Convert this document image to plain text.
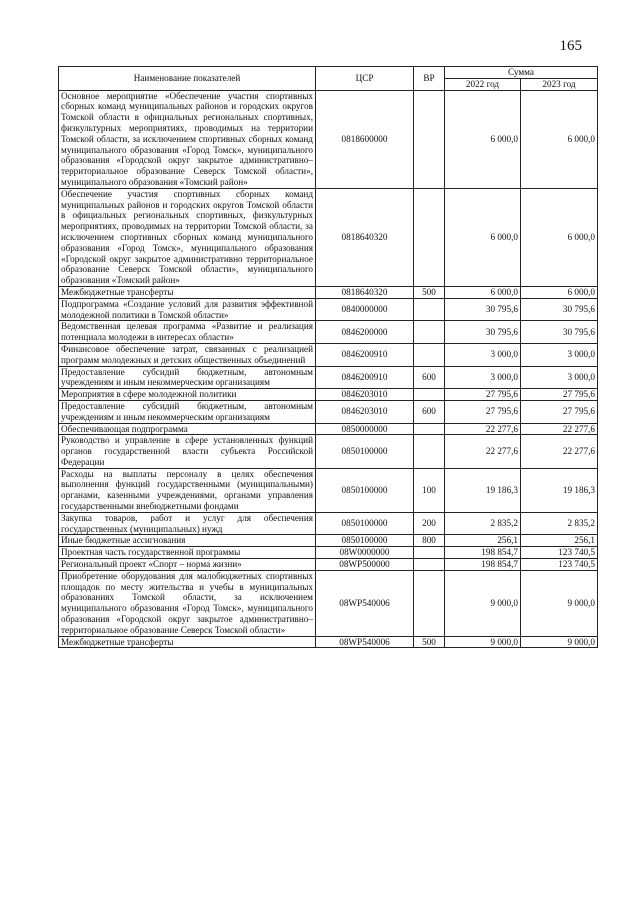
165
Наименование показателей	ЦСР	ВР	Сумма	
			2022 год	2023 год
Основное мероприятие «Обеспечение участия спортивных сборных команд муниципальных районов и городских округов Томской области в официальных региональных спортивных, физкультурных мероприятиях, проводимых на территории Томской области, за исключением спортивных сборных команд муниципального образования «Город Томск», муниципального образования «Городской округ закрытое административно–территориальное образование Северск Томской области», муниципального образования «Томский район»	0818600000		6 000,0	6 000,0
Обеспечение участия спортивных сборных команд муниципальных районов и городских округов Томской области в официальных региональных спортивных, физкультурных мероприятиях, проводимых на территории Томской области, за исключением спортивных сборных команд муниципального образования «Город Томск», муниципального образования «Городской округ закрытое административно территориальное образование Северск Томской области», муниципального образования «Томский район»	0818640320		6 000,0	6 000,0
Межбюджетные трансферты	0818640320	500	6 000,0	6 000,0
Подпрограмма «Создание условий для развития эффективной молодежной политики в Томской области»	0840000000		30 795,6	30 795,6
Ведомственная целевая программа «Развитие и реализация потенциала молодежи в интересах области»	0846200000		30 795,6	30 795,6
Финансовое обеспечение затрат, связанных с реализацией программ молодежных и детских общественных объединений	0846200910		3 000,0	3 000,0
Предоставление субсидий бюджетным, автономным учреждениям и иным некоммерческим организациям	0846200910	600	3 000,0	3 000,0
Мероприятия в сфере молодежной политики	0846203010		27 795,6	27 795,6
Предоставление субсидий бюджетным, автономным учреждениям и иным некоммерческим организациям	0846203010	600	27 795,6	27 795,6
Обеспечивающая подпрограмма	0850000000		22 277,6	22 277,6
Руководство и управление в сфере установленных функций органов государственной власти субъекта Российской Федерации	0850100000		22 277,6	22 277,6
Расходы на выплаты персоналу в целях обеспечения выполнения функций государственными (муниципальными) органами, казенными учреждениями, органами управления государственными внебюджетными фондами	0850100000	100	19 186,3	19 186,3
Закупка товаров, работ и услуг для обеспечения государственных (муниципальных) нужд	0850100000	200	2 835,2	2 835,2
Иные бюджетные ассигнования	0850100000	800	256,1	256,1
Проектная часть государственной программы	08W0000000		198 854,7	123 740,5
Региональный проект «Спорт – норма жизни»	08WP500000		198 854,7	123 740,5
Приобретение оборудования для малобюджетных спортивных площадок по месту жительства и учебы в муниципальных образованиях Томской области, за исключением муниципального образования «Город Томск», муниципального образования «Городской округ закрытое административно–территориальное образование Северск Томской области»	08WP540006		9 000,0	9 000,0
Межбюджетные трансферты	08WP540006	500	9 000,0	9 000,0
